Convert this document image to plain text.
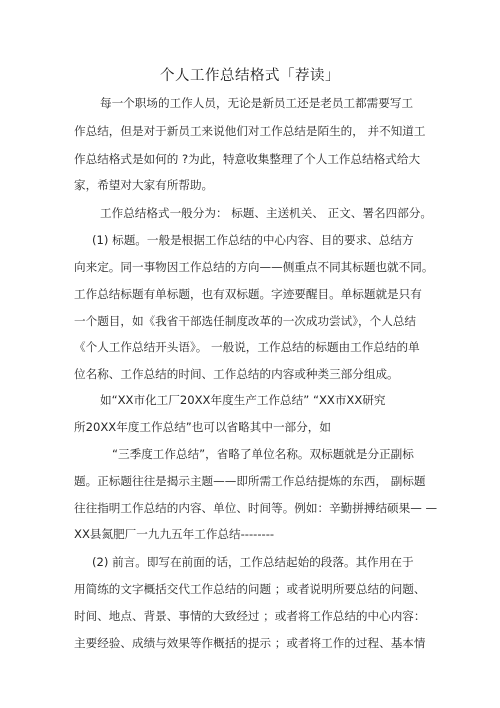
个人工作总结格式「荐读」
每一个职场的工作人员，无论是新员工还是老员工都需要写工
作总结，但是对于新员工来说他们对工作总结是陌生的， 并不知道工
作总结格式是如何的 ?为此，特意收集整理了个人工作总结格式给大
家，希望对大家有所帮助。
工作总结格式一般分为： 标题、主送机关、 正文、署名四部分。
(1) 标题。一般是根据工作总结的中心内容、目的要求、总结方
向来定。同一事物因工作总结的方向——侧重点不同其标题也就不同。
工作总结标题有单标题，也有双标题。字迹要醒目。单标题就是只有
一个题目，如《我省干部选任制度改革的一次成功尝试》，个人总结
《个人工作总结开头语》。 一般说，工作总结的标题由工作总结的单
位名称、工作总结的时间、工作总结的内容或种类三部分组成。
如“XX市化工厂20XX年度生产工作总结” “XX市XX研究
所20XX年度工作总结”也可以省略其中一部分，如
“三季度工作总结”，省略了单位名称。双标题就是分正副标
题。正标题往往是揭示主题——即所需工作总结提炼的东西， 副标题
往往指明工作总结的内容、单位、时间等。例如：辛勤拼搏结硕果— —
XX县氮肥厂一九九五年工作总结--------
(2) 前言。即写在前面的话，工作总结起始的段落。其作用在于
用简练的文字概括交代工作总结的问题 ；或者说明所要总结的问题、
时间、地点、背景、事情的大致经过 ；或者将工作总结的中心内容：
主要经验、成绩与效果等作概括的提示 ；或者将工作的过程、基本情
